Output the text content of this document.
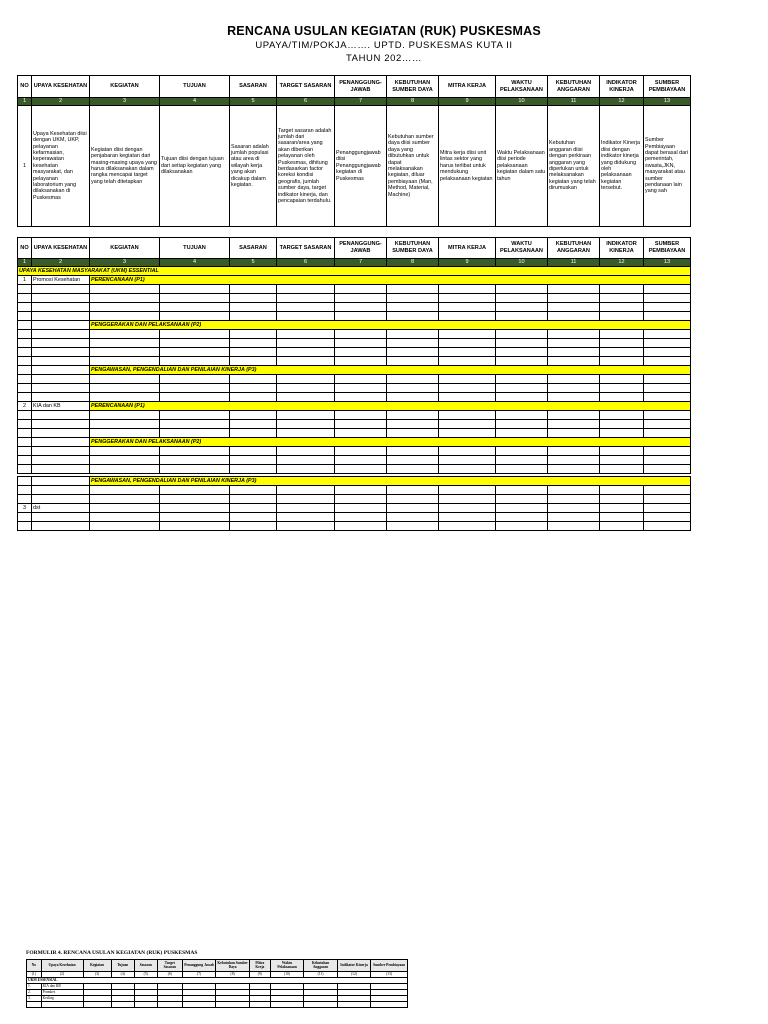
RENCANA USULAN KEGIATAN (RUK) PUSKESMAS
UPAYA/TIM/POKJA……. UPTD. PUSKESMAS KUTA II
TAHUN 202……
NO	UPAYA KESEHATAN	KEGIATAN	TUJUAN	SASARAN	TARGET SASARAN	PENANGGUNG-JAWAB	KEBUTUHAN SUMBER DAYA	MITRA KERJA	WAKTU PELAKSANAAN	KEBUTUHAN ANGGARAN	INDIKATOR KINERJA	SUMBER PEMBIAYAAN
1	2	3	4	5	6	7	8	9	10	11	12	13
1	Upaya Kesehatan diisi dengan UKM, UKP, pelayanan kefarmasian, keperawatan kesehatan masyarakat, dan pelayanan laboratorium yang dilaksanakan di Puskesmas	Kegiatan diisi dengan penjabaran kegiatan dari masing-masing upaya yang harus dilaksanakan dalam rangka mencapai target yang telah ditetapkan	Tujuan diisi dengan tujuan dari setiap kegiatan yang dilaksanakan	Sasaran adalah jumlah populasi atau area di wilayah kerja yang akan dicakup dalam kegiatan.	Target sasaran adalah jumlah dari sasaran/area yang akan diberikan pelayanan oleh Puskesmas, dihitung berdasarkan factor koreksi kondisi geografis, jumlah sumber daya, target indikator kinerja, dan pencapaian terdahulu.	Penanggungjawab diisi Penanggungjawab kegiatan di Puskesmas	Kebutuhan sumber daya diisi sumber daya yang dibutuhkan untuk dapat melaksanakan kegiatan, diluar pembiayaan (Man, Method, Material, Machine)	Mitra kerja diisi unit lintas sektor yang harus terlibat untuk mendukung pelaksanaan kegiatan	Waktu Pelaksanaan diisi periode pelaksanaan kegiatan dalam satu tahun	Kebutuhan anggaran diisi dengan perkiraan anggaran yang diperlukan untuk melaksanakan kegiatan yang telah dirumuskan	Indikator Kinerja diisi dengan indikator kinerja yang didukung oleh pelaksanaan kegiatan tersebut.	Sumber Pembiayaan dapat berasal dari pemerintah, swasta,JKN, masyarakat atau sumber pendanaan lain yang sah
NO	UPAYA KESEHATAN	KEGIATAN	TUJUAN	SASARAN	TARGET SASARAN	PENANGGUNG-JAWAB	KEBUTUHAN SUMBER DAYA	MITRA KERJA	WAKTU PELAKSANAAN	KEBUTUHAN ANGGARAN	INDIKATOR KINERJA	SUMBER PEMBIAYAAN
1	2	3	4	5	6	7	8	9	10	11	12	13
UPAYA KESEHATAN MASYARAKAT (UKM) ESSENTIAL												
1	Promosi Kesehatan	PERENCANAAN (P1)										

		PENGGERAKAN DAN PELAKSANAAN (P2)										

		PENGAWASAN, PENGENDALIAN DAN PENILAIAN KINERJA (P3)										

2	KIA dan KB	PERENCANAAN (P1)										

		PENGGERAKAN DAN PELAKSANAAN (P2)										

		PENGAWASAN, PENGENDALIAN DAN PENILAIAN KINERJA (P3)										

3	dst											

FORMULIR 4. RENCANA USULAN KEGIATAN (RUK) PUSKESMAS
No	Upaya Kesehatan	Kegiatan	Tujuan	Sasaran	Target Sasaran	Penanggung Jawab	Kebutuhan Sumber Daya	Mitra Kerja	Waktu Pelaksanaan	Kebutuhan Anggaran	Indikator Kinerja	Sumber Pembiayaan
(1)	(2)	(3)	(4)	(5)	(6)	(7)	(8)	(9)	(10)	(11)	(12)	(13)
UKM ESSENSIAL												
1.	KIA dan KB											
2.	Promkes											
3.	Kesling											
